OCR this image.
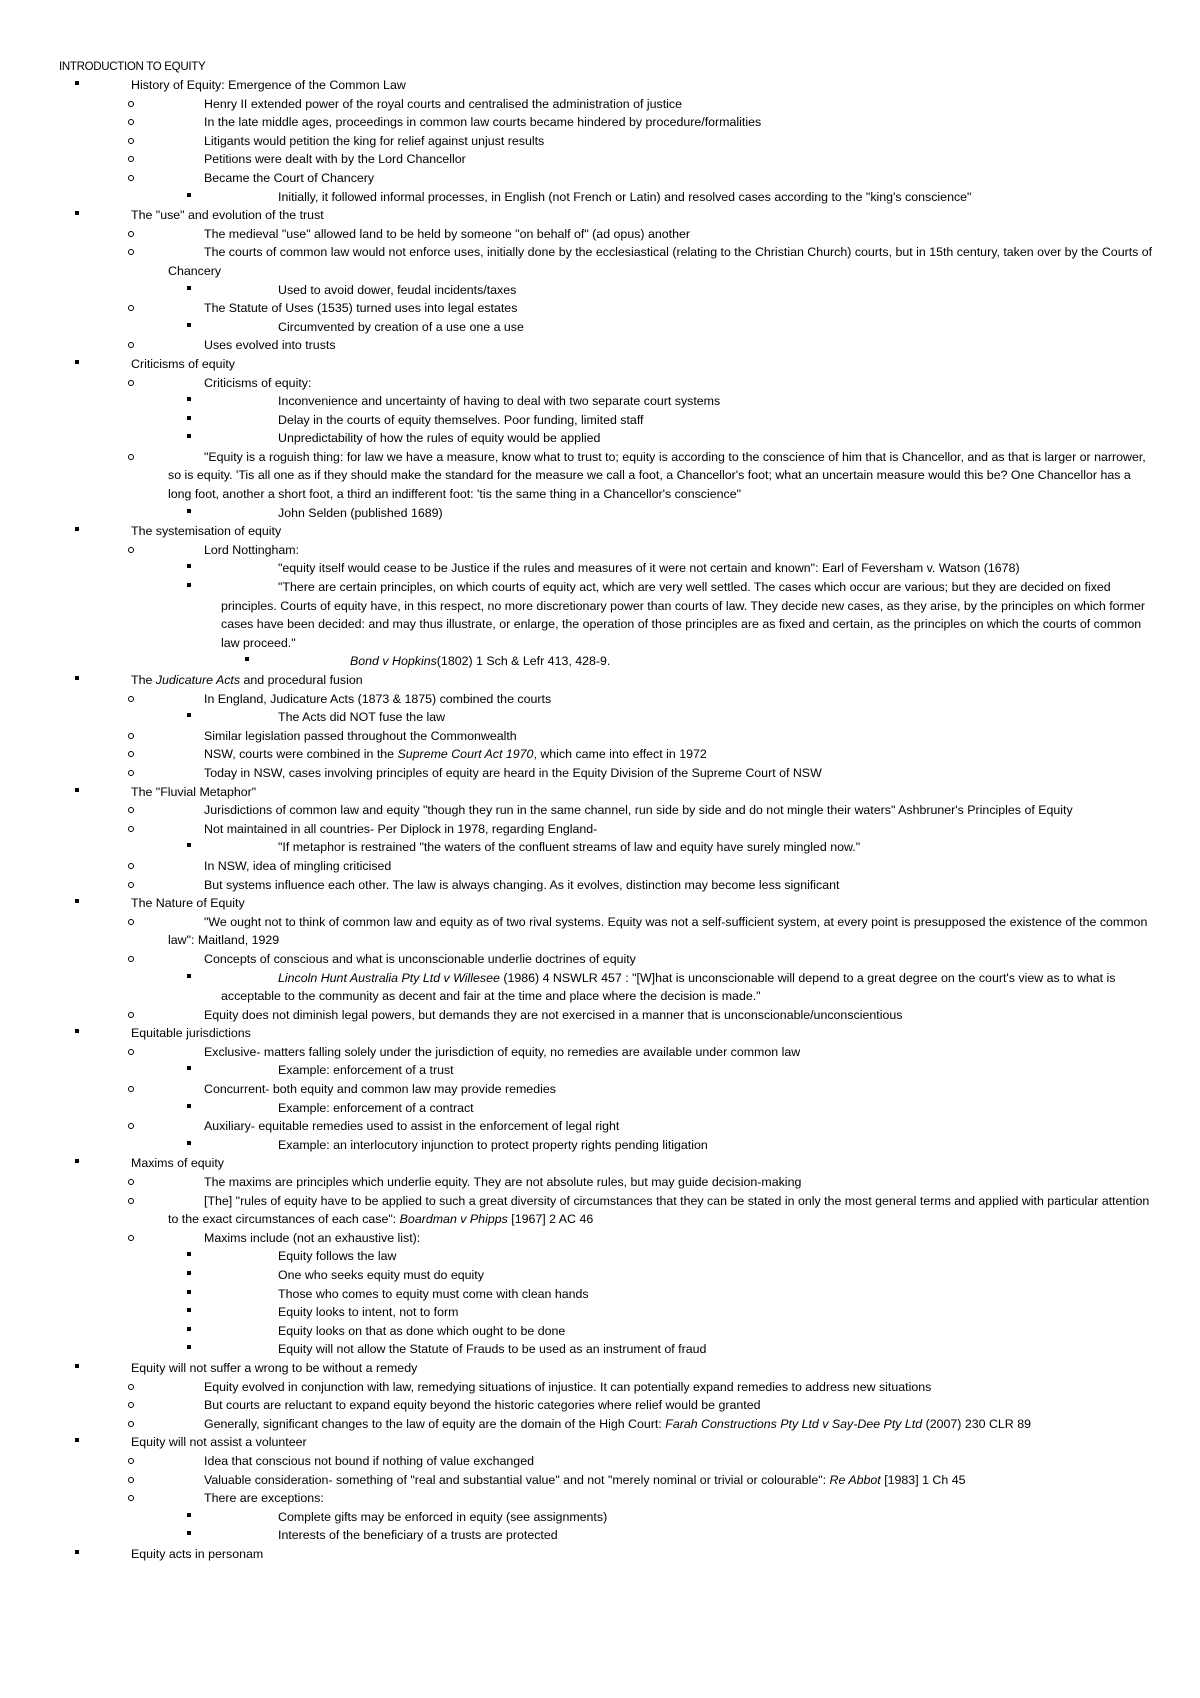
INTRODUCTION TO EQUITY
History of Equity: Emergence of the Common Law
Henry II extended power of the royal courts and centralised the administration of justice
In the late middle ages, proceedings in common law courts became hindered by procedure/formalities
Litigants would petition the king for relief against unjust results
Petitions were dealt with by the Lord Chancellor
Became the Court of Chancery
Initially, it followed informal processes, in English (not French or Latin) and resolved cases according to the "king's conscience"
The "use" and evolution of the trust
The medieval "use" allowed land to be held by someone "on behalf of" (ad opus) another
The courts of common law would not enforce uses, initially done by the ecclesiastical (relating to the Christian Church) courts, but in 15th century, taken over by the Courts of Chancery
Used to avoid dower, feudal incidents/taxes
The Statute of Uses (1535) turned uses into legal estates
Circumvented by creation of a use one a use
Uses evolved into trusts
Criticisms of equity
Criticisms of equity:
Inconvenience and uncertainty of having to deal with two separate court systems
Delay in the courts of equity themselves. Poor funding, limited staff
Unpredictability of how the rules of equity would be applied
"Equity is a roguish thing: for law we have a measure, know what to trust to; equity is according to the conscience of him that is Chancellor, and as that is larger or narrower, so is equity. 'Tis all one as if they should make the standard for the measure we call a foot, a Chancellor's foot; what an uncertain measure would this be? One Chancellor has a long foot, another a short foot, a third an indifferent foot: 'tis the same thing in a Chancellor's conscience"
John Selden (published 1689)
The systemisation of equity
Lord Nottingham:
"equity itself would cease to be Justice if the rules and measures of it were not certain and known": Earl of Feversham v. Watson (1678)
"There are certain principles, on which courts of equity act, which are very well settled. The cases which occur are various; but they are decided on fixed principles. Courts of equity have, in this respect, no more discretionary power than courts of law. They decide new cases, as they arise, by the principles on which former cases have been decided: and may thus illustrate, or enlarge, the operation of those principles are as fixed and certain, as the principles on which the courts of common law proceed."
Bond v Hopkins(1802) 1 Sch & Lefr 413, 428-9.
The Judicature Acts and procedural fusion
In England, Judicature Acts (1873 & 1875) combined the courts
The Acts did NOT fuse the law
Similar legislation passed throughout the Commonwealth
NSW, courts were combined in the Supreme Court Act 1970, which came into effect in 1972
Today in NSW, cases involving principles of equity are heard in the Equity Division of the Supreme Court of NSW
The "Fluvial Metaphor"
Jurisdictions of common law and equity "though they run in the same channel, run side by side and do not mingle their waters" Ashbruner's Principles of Equity
Not maintained in all countries- Per Diplock in 1978, regarding England-
"If metaphor is restrained "the waters of the confluent streams of law and equity have surely mingled now."
In NSW, idea of mingling criticised
But systems influence each other. The law is always changing. As it evolves, distinction may become less significant
The Nature of Equity
"We ought not to think of common law and equity as of two rival systems. Equity was not a self-sufficient system, at every point is presupposed the existence of the common law": Maitland, 1929
Concepts of conscious and what is unconscionable underlie doctrines of equity
Lincoln Hunt Australia Pty Ltd v Willesee (1986) 4 NSWLR 457 : "[W]hat is unconscionable will depend to a great degree on the court's view as to what is acceptable to the community as decent and fair at the time and place where the decision is made."
Equity does not diminish legal powers, but demands they are not exercised in a manner that is unconscionable/unconscientious
Equitable jurisdictions
Exclusive- matters falling solely under the jurisdiction of equity, no remedies are available under common law
Example: enforcement of a trust
Concurrent- both equity and common law may provide remedies
Example: enforcement of a contract
Auxiliary- equitable remedies used to assist in the enforcement of legal right
Example: an interlocutory injunction to protect property rights pending litigation
Maxims of equity
The maxims are principles which underlie equity. They are not absolute rules, but may guide decision-making
[The] "rules of equity have to be applied to such a great diversity of circumstances that they can be stated in only the most general terms and applied with particular attention to the exact circumstances of each case": Boardman v Phipps [1967] 2 AC 46
Maxims include (not an exhaustive list):
Equity follows the law
One who seeks equity must do equity
Those who comes to equity must come with clean hands
Equity looks to intent, not to form
Equity looks on that as done which ought to be done
Equity will not allow the Statute of Frauds to be used as an instrument of fraud
Equity will not suffer a wrong to be without a remedy
Equity evolved in conjunction with law, remedying situations of injustice. It can potentially expand remedies to address new situations
But courts are reluctant to expand equity beyond the historic categories where relief would be granted
Generally, significant changes to the law of equity are the domain of the High Court: Farah Constructions Pty Ltd v Say-Dee Pty Ltd (2007) 230 CLR 89
Equity will not assist a volunteer
Idea that conscious not bound if nothing of value exchanged
Valuable consideration- something of "real and substantial value" and not "merely nominal or trivial or colourable": Re Abbot [1983] 1 Ch 45
There are exceptions:
Complete gifts may be enforced in equity (see assignments)
Interests of the beneficiary of a trusts are protected
Equity acts in personam
